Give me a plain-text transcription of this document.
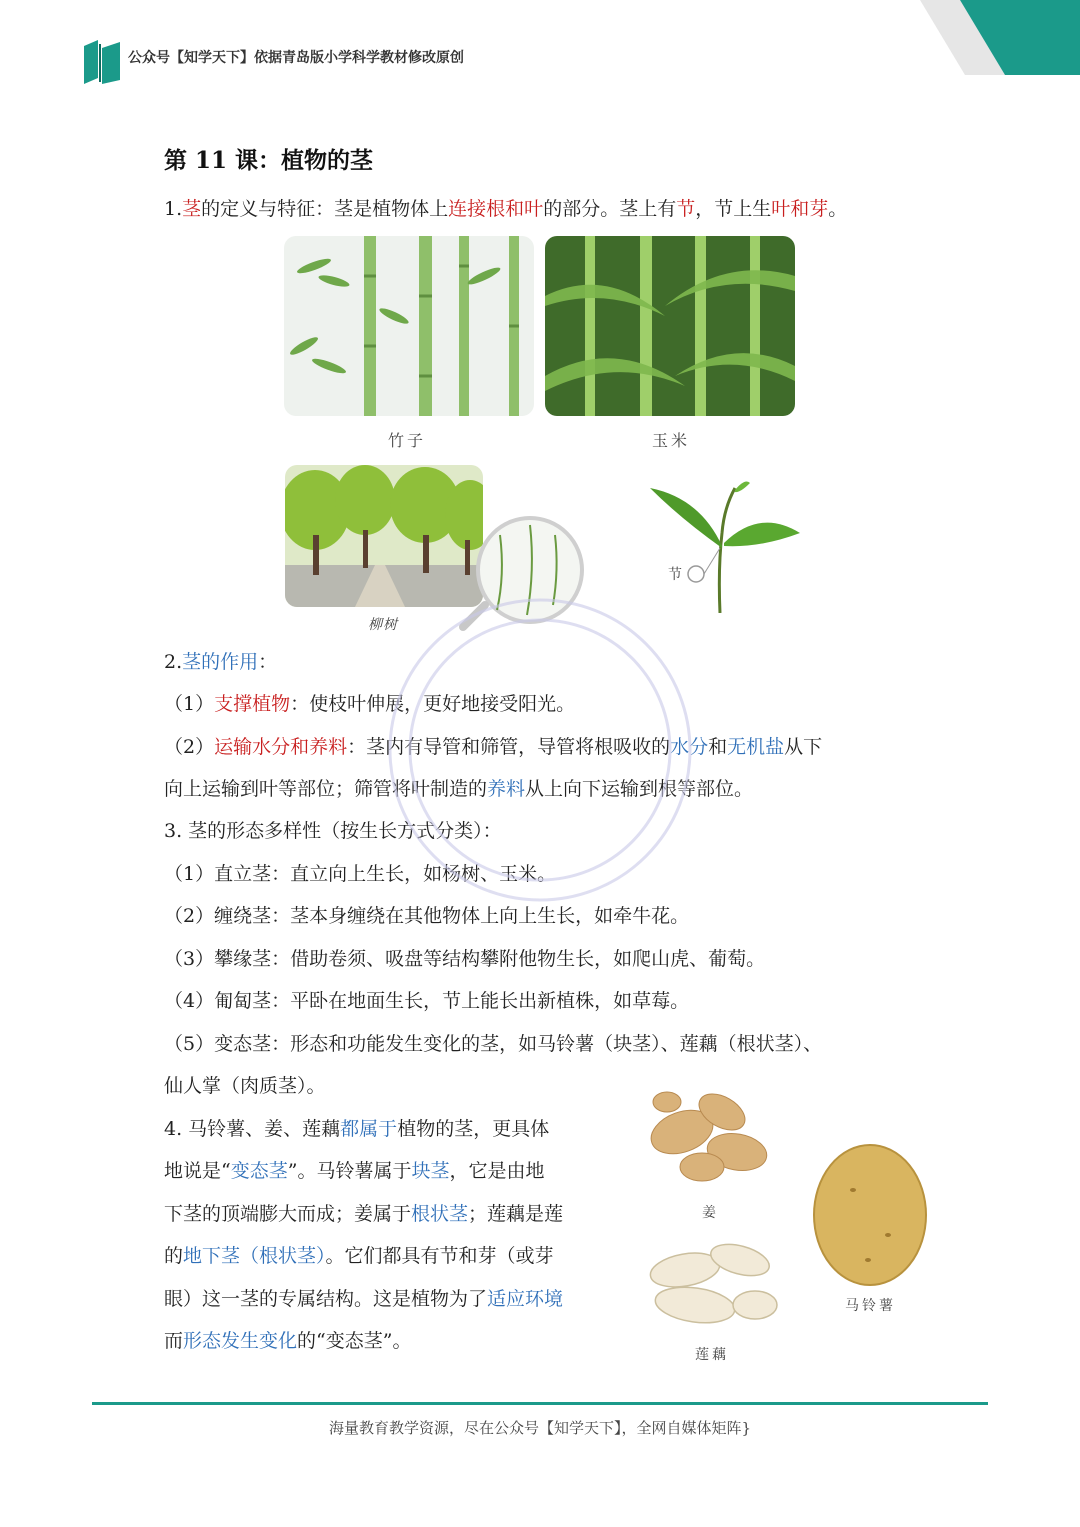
公众号【知学天下】依据青岛版小学科学教材修改原创
第 11 课：植物的茎
1.茎的定义与特征：茎是植物体上连接根和叶的部分。茎上有节，节上生叶和芽。
竹子	玉米
柳树
节
2.茎的作用：
（1）支撑植物：使枝叶伸展，更好地接受阳光。
（2）运输水分和养料：茎内有导管和筛管，导管将根吸收的水分和无机盐从下
向上运输到叶等部位；筛管将叶制造的养料从上向下运输到根等部位。
3. 茎的形态多样性（按生长方式分类）：
（1）直立茎：直立向上生长，如杨树、玉米。
（2）缠绕茎：茎本身缠绕在其他物体上向上生长，如牵牛花。
（3）攀缘茎：借助卷须、吸盘等结构攀附他物生长，如爬山虎、葡萄。
（4）匍匐茎：平卧在地面生长，节上能长出新植株，如草莓。
（5）变态茎：形态和功能发生变化的茎，如马铃薯（块茎）、莲藕（根状茎）、
仙人掌（肉质茎）。
4. 马铃薯、姜、莲藕都属于植物的茎，更具体
地说是“变态茎”。马铃薯属于块茎，它是由地
下茎的顶端膨大而成；姜属于根状茎；莲藕是莲
的地下茎（根状茎）。它们都具有节和芽（或芽
眼）这一茎的专属结构。这是植物为了适应环境
而形态发生变化的“变态茎”。
姜
莲藕
马铃薯
海量教育教学资源，尽在公众号【知学天下】，全网自媒体矩阵}
